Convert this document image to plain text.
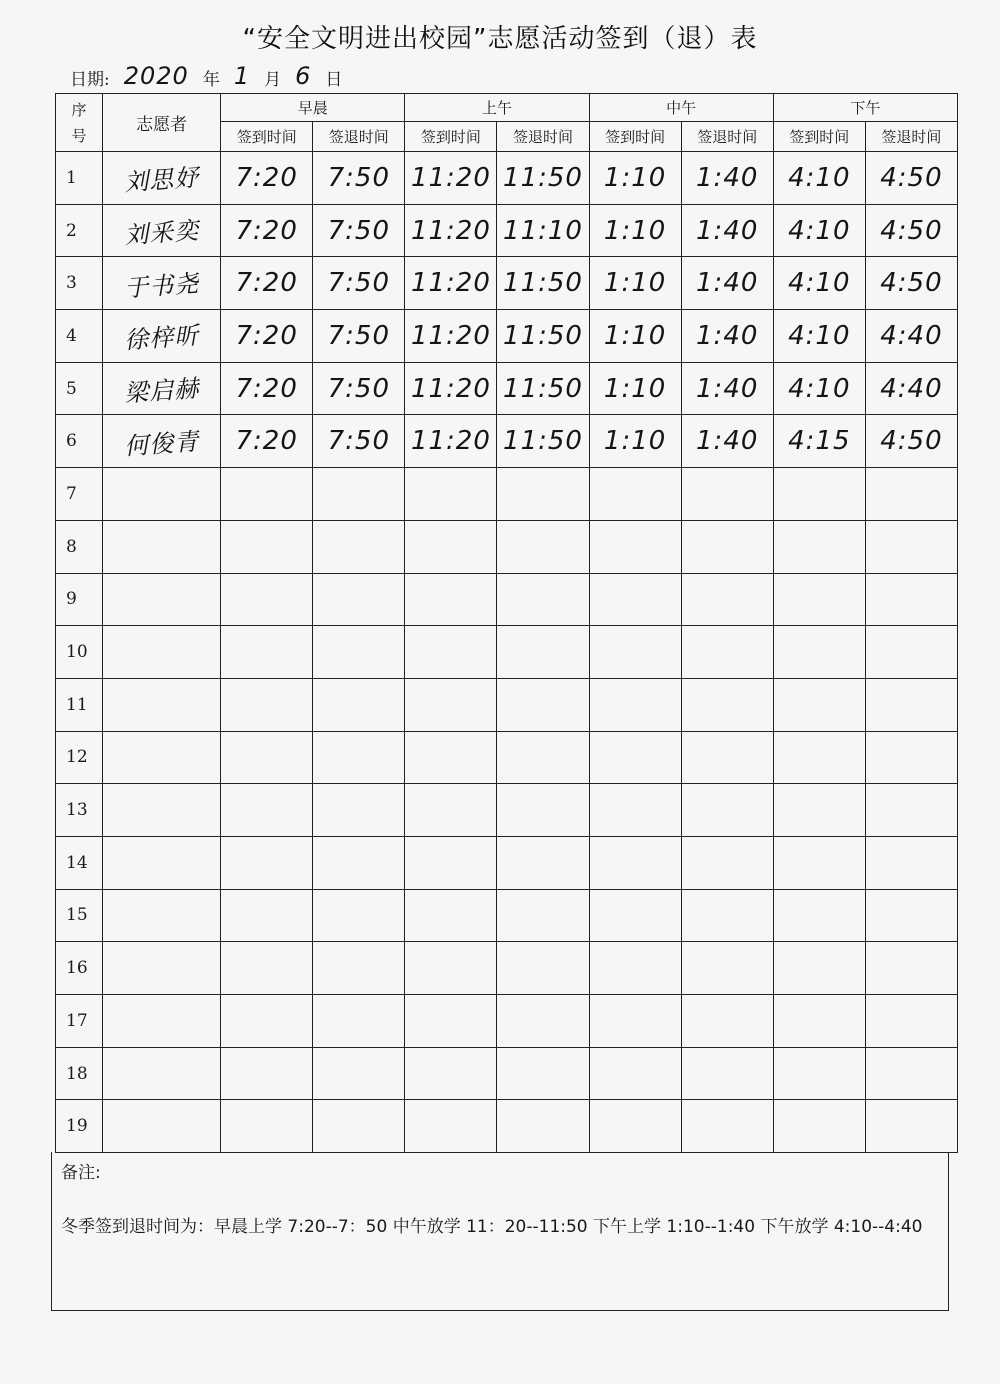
“安全文明进出校园”志愿活动签到（退）表
日期: 2020 年 1 月 6 日
序号	志愿者	早晨		上午		中午		下午	
		签到时间	签退时间	签到时间	签退时间	签到时间	签退时间	签到时间	签退时间
1	刘思妤	7:20	7:50	11:20	11:50	1:10	1:40	4:10	4:50
2	刘釆奕	7:20	7:50	11:20	11:10	1:10	1:40	4:10	4:50
3	于书尧	7:20	7:50	11:20	11:50	1:10	1:40	4:10	4:50
4	徐梓昕	7:20	7:50	11:20	11:50	1:10	1:40	4:10	4:40
5	梁启赫	7:20	7:50	11:20	11:50	1:10	1:40	4:10	4:40
6	何俊青	7:20	7:50	11:20	11:50	1:10	1:40	4:15	4:50
7									
8									
9									
10									
11									
12									
13									
14									
15									
16									
17									
18									
19									
备注:
冬季签到退时间为：早晨上学 7:20--7：50 中午放学 11：20--11:50 下午上学 1:10--1:40 下午放学 4:10--4:40
